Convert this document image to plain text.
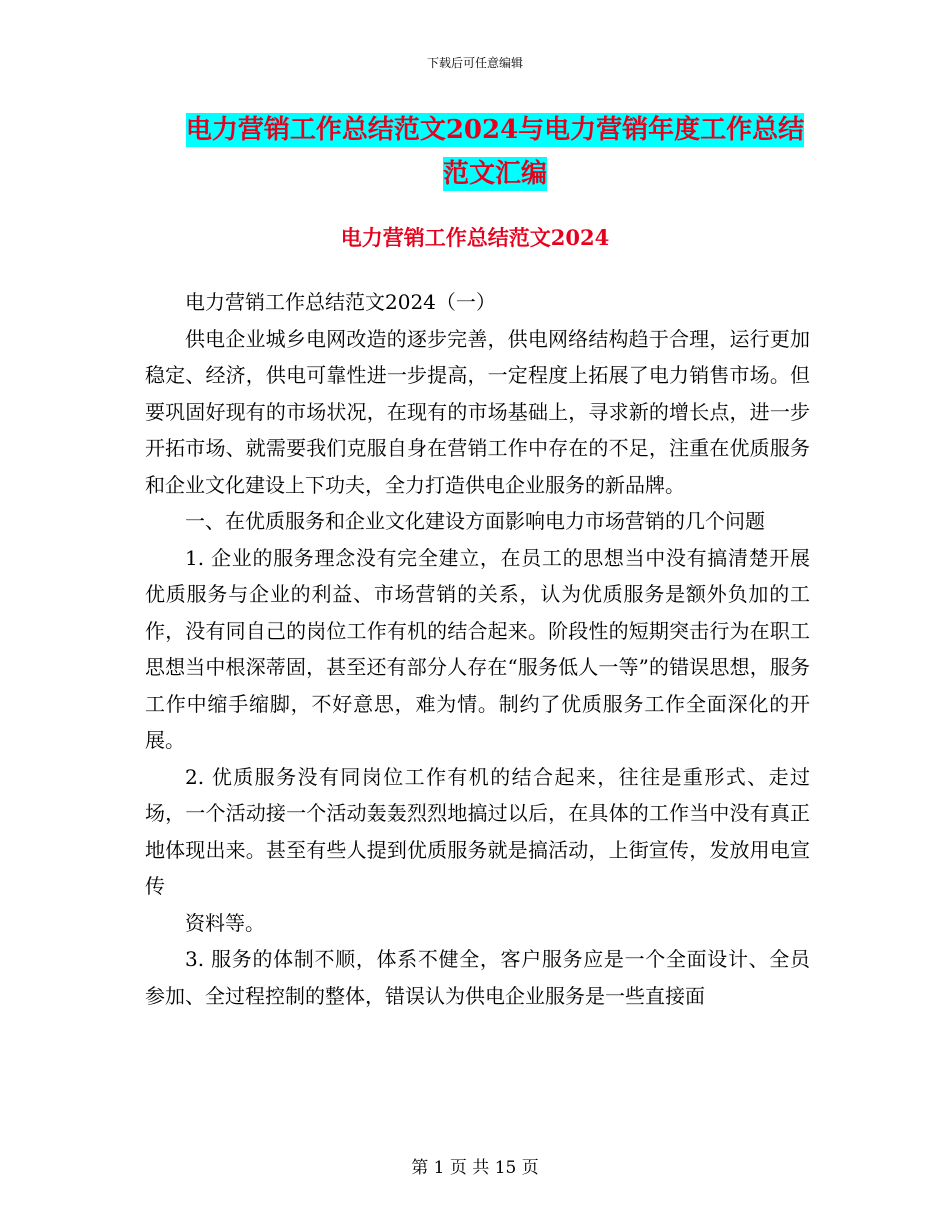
下载后可任意编辑
电力营销工作总结范文2024与电力营销年度工作总结
范文汇编
电力营销工作总结范文2024

电力营销工作总结范文2024（一）

供电企业城乡电网改造的逐步完善，供电网络结构趋于合理，运行更加稳定、经济，供电可靠性进一步提高，一定程度上拓展了电力销售市场。但要巩固好现有的市场状况，在现有的市场基础上，寻求新的增长点，进一步开拓市场、就需要我们克服自身在营销工作中存在的不足，注重在优质服务和企业文化建设上下功夫，全力打造供电企业服务的新品牌。

一、在优质服务和企业文化建设方面影响电力市场营销的几个问题

1. 企业的服务理念没有完全建立，在员工的思想当中没有搞清楚开展优质服务与企业的利益、市场营销的关系，认为优质服务是额外负加的工作，没有同自己的岗位工作有机的结合起来。阶段性的短期突击行为在职工思想当中根深蒂固，甚至还有部分人存在“服务低人一等”的错误思想，服务工作中缩手缩脚，不好意思，难为情。制约了优质服务工作全面深化的开展。

2. 优质服务没有同岗位工作有机的结合起来，往往是重形式、走过场，一个活动接一个活动轰轰烈烈地搞过以后，在具体的工作当中没有真正地体现出来。甚至有些人提到优质服务就是搞活动，上街宣传，发放用电宣传

资料等。

3. 服务的体制不顺，体系不健全，客户服务应是一个全面设计、全员参加、全过程控制的整体，错误认为供电企业服务是一些直接面

第 1 页 共 15 页
